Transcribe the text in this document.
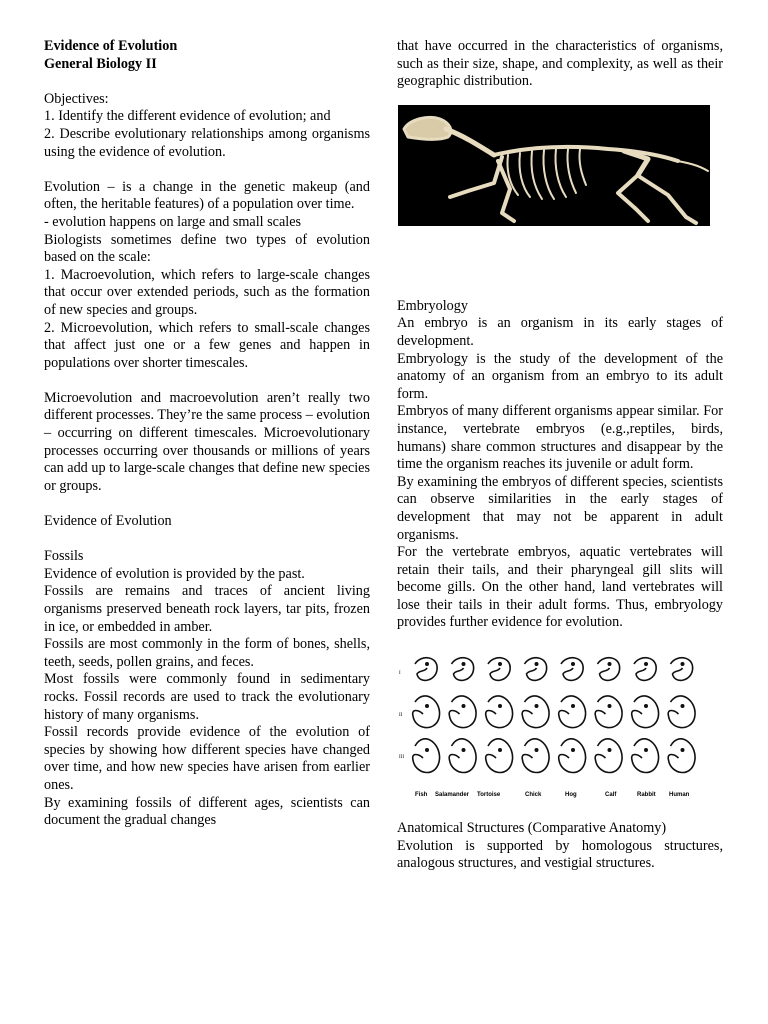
Evidence of Evolution

General Biology II

Objectives:

1. Identify the different evidence of evolution; and

2. Describe evolutionary relationships among organisms using the evidence of evolution.

Evolution – is a change in the genetic makeup (and often, the heritable features) of a population over time.

- evolution happens on large and small scales

Biologists sometimes define two types of evolution based on the scale:

1. Macroevolution, which refers to large-scale changes that occur over extended periods, such as the formation of new species and groups.

2. Microevolution, which refers to small-scale changes that affect just one or a few genes and happen in populations over shorter timescales.

Microevolution and macroevolution aren’t really two different processes. They’re the same process – evolution – occurring on different timescales. Microevolutionary processes occurring over thousands or millions of years can add up to large-scale changes that define new species or groups.

Evidence of Evolution

Fossils

Evidence of evolution is provided by the past.

Fossils are remains and traces of ancient living organisms preserved beneath rock layers, tar pits, frozen in ice, or embedded in amber.

Fossils are most commonly in the form of bones, shells, teeth, seeds, pollen grains, and feces.

Most fossils were commonly found in sedimentary rocks. Fossil records are used to track the evolutionary history of many organisms.

Fossil records provide evidence of the evolution of species by showing how different species have changed over time, and how new species have arisen from earlier ones.

By examining fossils of different ages, scientists can document the gradual changes

that have occurred in the characteristics of organisms, such as their size, shape, and complexity, as well as their geographic distribution.

Embryology

An embryo is an organism in its early stages of development.

Embryology is the study of the development of the anatomy of an organism from an embryo to its adult form.

Embryos of many different organisms appear similar. For instance, vertebrate embryos (e.g.,reptiles, birds, humans) share common structures and disappear by the time the organism reaches its juvenile or adult form.

By examining the embryos of different species, scientists can observe similarities in the early stages of development that may not be apparent in adult organisms.

For the vertebrate embryos, aquatic vertebrates will retain their tails, and their pharyngeal gill slits will become gills. On the other hand, land vertebrates will lose their tails in their adult forms. Thus, embryology provides further evidence for evolution.

I
II
III
Fish Salamander Tortoise	Chick	Hog	Calf	Rabbit Human

Anatomical Structures (Comparative Anatomy)

Evolution is supported by homologous structures, analogous structures, and vestigial structures.
